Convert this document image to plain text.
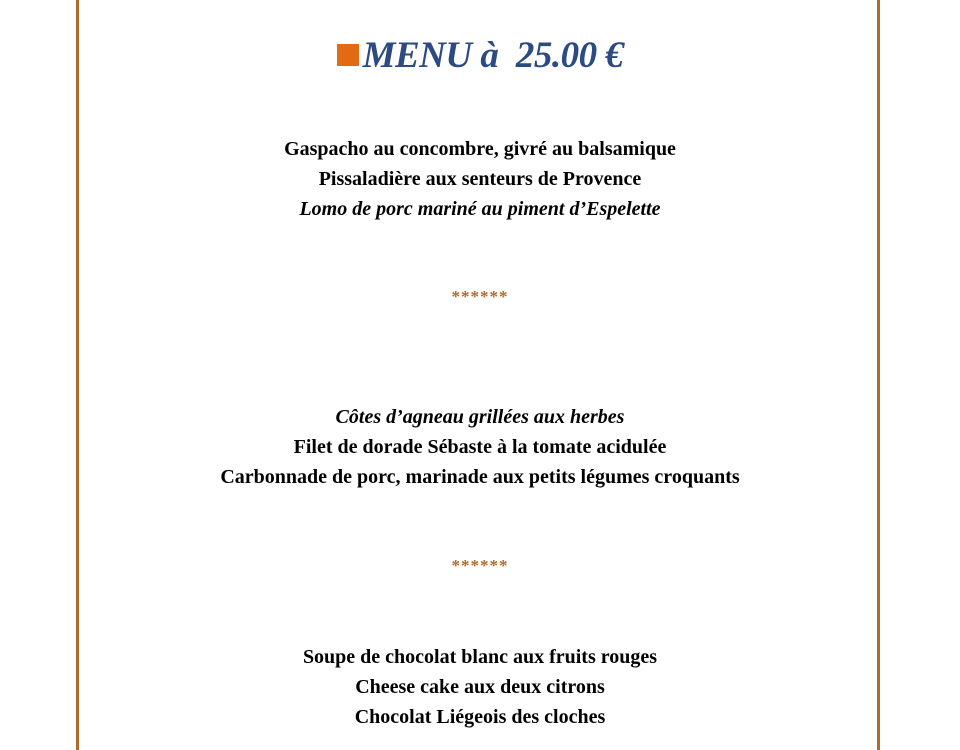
MENU à  25.00 €
Gaspacho au concombre, givré au balsamique
Pissaladière aux senteurs de Provence
Lomo de porc mariné au piment d’Espelette
******
Côtes d’agneau grillées aux herbes
Filet de dorade Sébaste à la tomate acidulée
Carbonnade de porc, marinade aux petits légumes croquants
******
Soupe de chocolat blanc aux fruits rouges
Cheese cake aux deux citrons
Chocolat Liégeois des cloches
